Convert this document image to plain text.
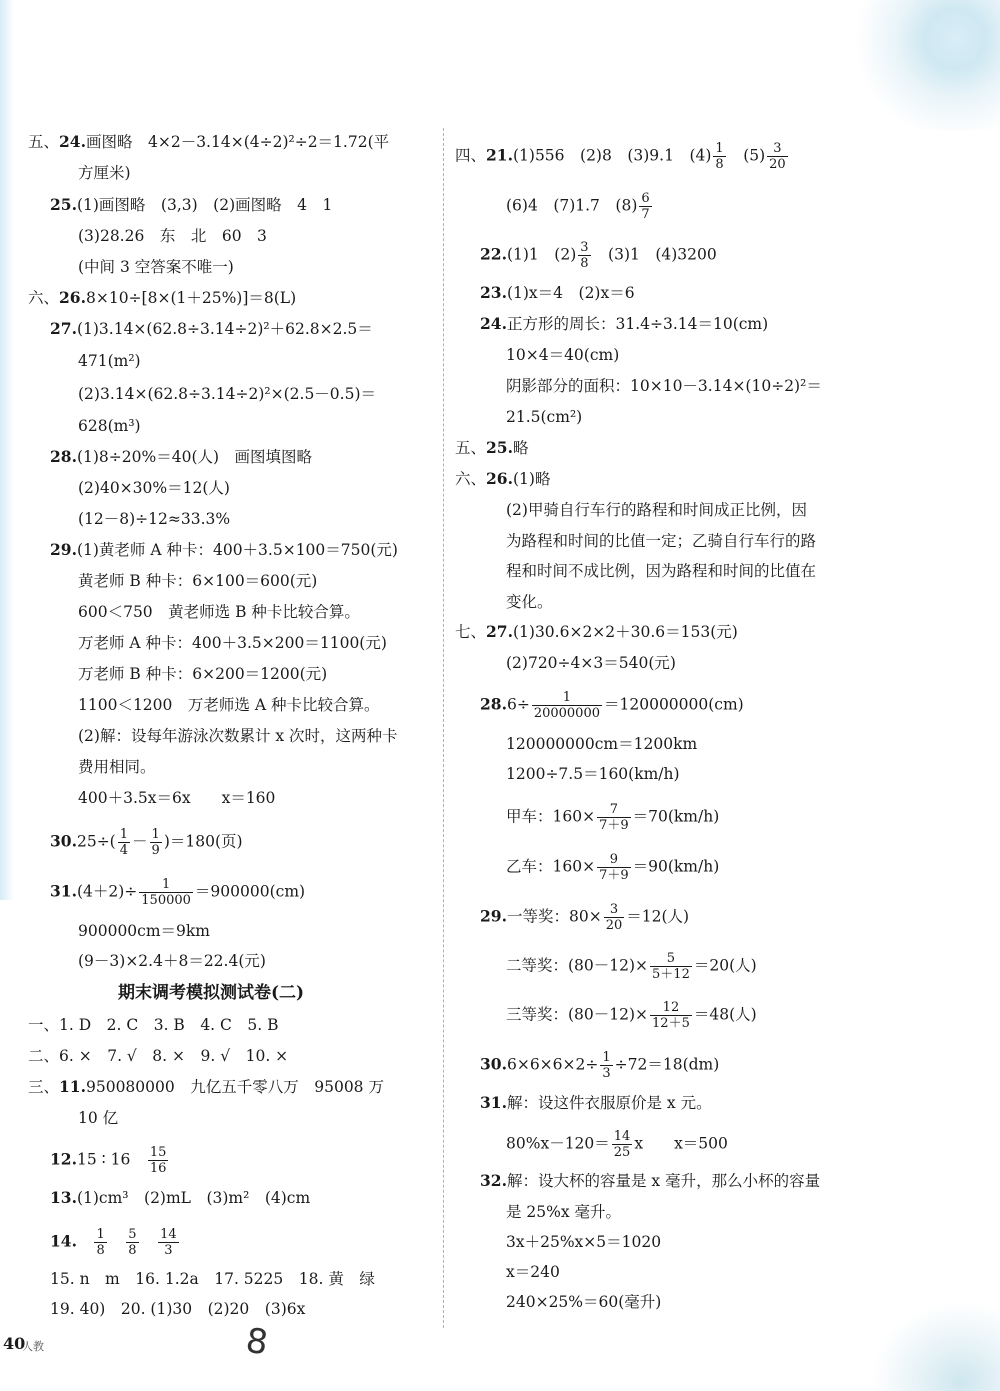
五、24.画图略　4×2－3.14×(4÷2)²÷2＝1.72(平
方厘米)
25.(1)画图略　(3,3)　(2)画图略　4　1
(3)28.26　东　北　60　3
(中间 3 空答案不唯一)
六、26.8×10÷[8×(1＋25%)]＝8(L)
27.(1)3.14×(62.8÷3.14÷2)²＋62.8×2.5＝
471(m²)
(2)3.14×(62.8÷3.14÷2)²×(2.5－0.5)＝
628(m³)
28.(1)8÷20%＝40(人)　画图填图略
(2)40×30%＝12(人)
(12－8)÷12≈33.3%
29.(1)黄老师 A 种卡：400＋3.5×100＝750(元)
黄老师 B 种卡：6×100＝600(元)
600＜750　黄老师选 B 种卡比较合算。
万老师 A 种卡：400＋3.5×200＝1100(元)
万老师 B 种卡：6×200＝1200(元)
1100＜1200　万老师选 A 种卡比较合算。
(2)解：设每年游泳次数累计 x 次时，这两种卡
费用相同。
400＋3.5x＝6x　　x＝160
$30.25\div( \frac{1}{4} - \frac{1}{9} )=180$(页)
$31.(4+2)\div \frac{1}{150000} =900000(cm)$
900000cm＝9km
(9－3)×2.4＋8＝22.4(元)
期末调考模拟测试卷(二)
一、1. D　2. C　3. B　4. C　5. B
二、6. ×　7. √　8. ×　9. √　10. ×
三、11.950080000　九亿五千零八万　95008 万
10 亿
12.15 ∶ 16　 $\frac{15}{16}$
13.(1)cm³　(2)mL　(3)m²　(4)cm
14.　 $\frac{1}{8}$
　 $\frac{5}{8}$
　 $\frac{14}{3}$
15. n　m　16. 1.2a　17. 5225　18. 黄　绿
19. 40)　20. (1)30　(2)20　(3)6x
四、21.(1)556　(2)8　(3)9.1　$(4) \frac{1}{8}$ 　$(5) \frac{3}{20}$
(6)4　(7)1.7　$(8) \frac{6}{7}$
22.(1)1　$(2) \frac{3}{8}$ 　(3)1　(4)3200
23.(1)x＝4　(2)x＝6
24.正方形的周长：31.4÷3.14＝10(cm)
10×4＝40(cm)
阴影部分的面积：10×10－3.14×(10÷2)²＝
21.5(cm²)
五、25.略
六、26.(1)略
(2)甲骑自行车行的路程和时间成正比例，因
为路程和时间的比值一定；乙骑自行车行的路
程和时间不成比例，因为路程和时间的比值在
变化。
七、27.(1)30.6×2×2＋30.6＝153(元)
(2)720÷4×3＝540(元)
$28.6\div \frac{1}{20000000} =120000000(cm)$
120000000cm＝1200km
1200÷7.5＝160(km/h)
甲车：$160\times \frac{7}{7+9} =70(km/h)$
乙车：$160\times \frac{9}{7+9} =90(km/h)$
29.一等奖：$80\times \frac{3}{20} =12$(人)
二等奖：$(80-12)\times \frac{5}{5+12} =20$(人)
三等奖：$(80-12)\times \frac{12}{12+5} =48$(人)
$30.6\times 6\times 6\times 2\div \frac{1}{3} \div 72=18(dm)$
31.解：设这件衣服原价是 x 元。
$80\%x-120= \frac{14}{25}$ x　　x＝500
32.解：设大杯的容量是 x 毫升，那么小杯的容量
是 25%x 毫升。
3x＋25%x×5＝1020
x＝240
240×25%＝60(毫升)
40
人教	8
